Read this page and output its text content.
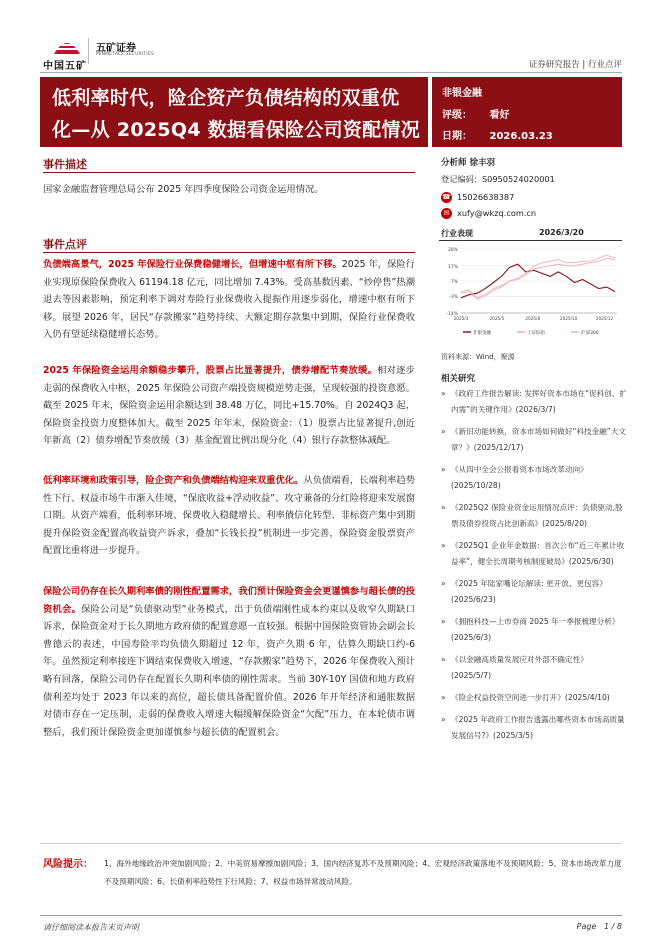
中国五矿
五矿证券
MINMETALS SECURITIES
证券研究报告 | 行业点评
低利率时代，险企资产负债结构的双重优
化—从 2025Q4 数据看保险公司资配情况
非银金融
评级： 看好
日期： 2026.03.23
事件描述
国家金融监督管理总局公布 2025 年四季度保险公司资金运用情况。
事件点评
负债端高景气，2025 年保险行业保费稳健增长，但增速中枢有所下移。2025 年，保险行业实现原保险保费收入 61194.18 亿元，同比增加 7.43%。受高基数因素、“炒停售”热潮退去等因素影响，预定利率下调对寿险行业保费收入提振作用逐步弱化，增速中枢有所下移。展望 2026 年，居民“存款搬家”趋势持续、大额定期存款集中到期，保险行业保费收入仍有望延续稳健增长态势。
2025 年保险资金运用余额稳步攀升，股票占比显著提升，债券增配节奏放缓。相对逐步走弱的保费收入中枢，2025 年保险公司资产端投资规模逆势走强，呈现较强的投资意愿。截至 2025 年末，保险资金运用余额达到 38.48 万亿，同比+15.70%。自 2024Q3 起，保险资金投资力度整体加大。截至 2025 年年末，保险资金：（1）股票占比显著提升,创近年新高（2）债券增配节奏放缓（3）基金配置比例出现分化（4）银行存款整体减配。
低利率环境和政策引导，险企资产和负债端结构迎来双重优化。从负债端看，长端利率趋势性下行、权益市场牛市渐入佳境，“保底收益+浮动收益”、攻守兼备的分红险将迎来发展窗口期。从资产端看，低利率环境、保费收入稳健增长、利率債信化转型、非标资产集中到期提升保险资金配置高收益资产诉求，叠加“长钱长投”机制进一步完善，保险资金股票资产配置比重将进一步提升。
保险公司仍存在长久期利率债的刚性配置需求，我们预计保险资金会更谨慎参与超长债的投资机会。保险公司是“负债驱动型”业务模式，出于负债端刚性成本约束以及收窄久期缺口诉求，保险资金对于长久期地方政府债的配置意愿一直较强。根据中国保险资管协会副会长曹德云的表述，中国寿险平均负债久期超过 12 年，资产久期 6 年，估算久期缺口约-6 年。虽然预定利率接连下调结束保费收入增速，“存款搬家”趋势下，2026 年保费收入预计略有回落，保险公司仍存在配置长久期利率债的刚性需求。当前 30Y-10Y 国债和地方政府债利差均处于 2023 年以来的高位，超长债具备配置价值。2026 年开年经济和通胀数据对债市存在一定压制，走弱的保费收入增速大幅缓解保险资金“欠配”压力，在本轮债市调整后，我们预计保险资金更加谨慎参与超长债的配置机会。
分析师 徐丰羽
登记编码：S0950524020001
☎ 15026638387
✉ xufy@wkzq.com.cn
行业表现	2026/3/20
28%
17%
7%
-3%
-14%
2025/3	2025/5	2025/8	2025/10	2025/12
非银金融	上证综指	沪深300
资料来源：Wind，聚源
相关研究
» 《政府工作报告解读: 发挥好资本市场在“促科创、扩内需”的关键作用》(2026/3/7)
» 《新旧动能转换，资本市场如何做好“科技金融”大文章？》(2025/12/17)
» 《从四中全会公报看资本市场改革动向》(2025/10/28)
» 《2025Q2 保险业资金运用情况点评：负债驱动,股票及债券投资占比创新高》(2025/8/20)
» 《2025Q1 企业年金数据：首次公布“近三年累计收益率”，健全长周期考核制度破局》(2025/6/30)
» 《2025 年陆家嘴论坛解读: 更开放、更包容》(2025/6/23)
» 《拥抱科技—上市券商 2025 年一季报梳理分析》(2025/6/3)
» 《以金融高质量发展应对外部不确定性》(2025/5/7)
» 《险企权益投资空间进一步打开》(2025/4/10)
» 《2025 年政府工作报告透露出哪些资本市场高质量发展信号?》(2025/3/5)
风险提示： 1、海外地缘政治冲突加剧风险；2、中美贸易摩擦加剧风险；3、国内经济复苏不及预期风险；4、宏观经济政策落地不及预期风险；5、资本市场改革力度不及预期风险；6、长债利率趋势性下行风险；7、权益市场异常波动风险。
请仔细阅读本报告末页声明	Page 1 / 8
